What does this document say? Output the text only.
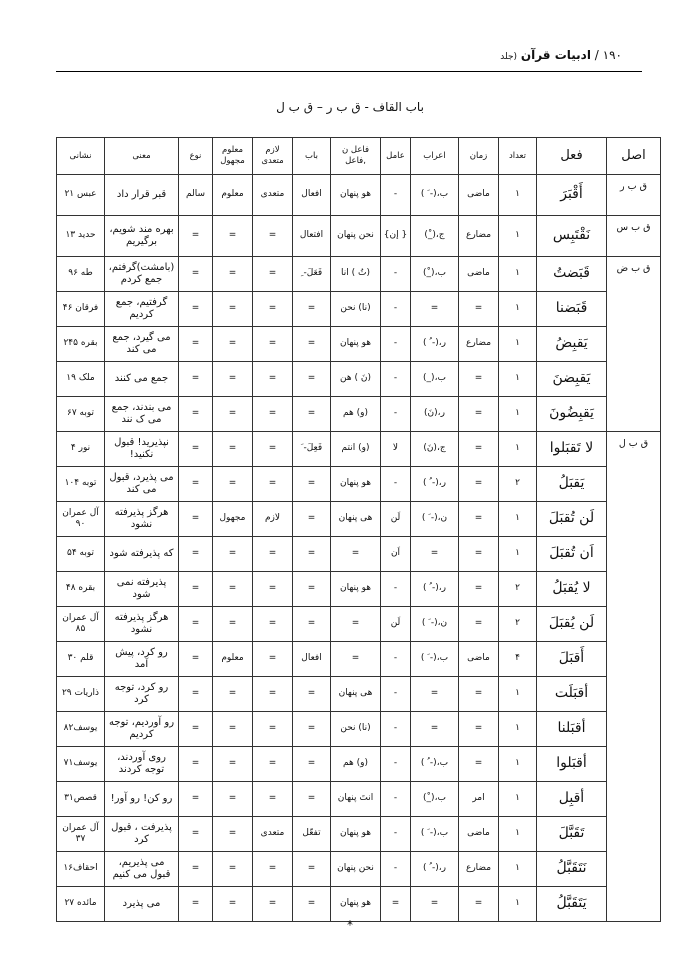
۱۹۰ / ادبیات قرآن (جلد
باب القاف - ق ب ر – ق ب ل
اصل	فعل	تعداد	زمان	اعراب	عامل	فاعل ن ,فاعل	باب	لازم متعدی	معلوم مجهول	نوع	معنی	نشانی
ق ب ر	أَقْبَرَ	۱	ماضی	ب،(- َ )	-	هو پنهان	افعال	متعدی	معلوم	سالم	قبر قرار داد	عبس ۲۱
ق ب س	نَقْتَبِس	۱	مضارع	ج،(_ْ)	{ إن}	نحن پنهان	افتعال	=	=	=	بهره مند شویم، برگیریم	حدید ۱۳
ق ب ض	قَبَضتُ	۱	ماضی	ب،(_ْ)	-	(تُ ) انا	فَعَلَ- ِ	=	=	=	(بامشت)گرفتم، جمع کردم	طه ۹۶
	قَبَضنا	۱	=	=	-	(نا) نحن	=	=	=	=	گرفتیم، جمع کردیم	فرقان ۴۶
	يَقبِضُ	۱	مضارع	ر،(- ُ )	-	هو پنهان	=	=	=	=	می گیرد، جمع می کند	بقره ۲۴۵
	يَقبِضنَ	۱	=	ب،(_)	-	(نَ ) هن	=	=	=	=	جمع می کنند	ملک ۱۹
	يَقبِضُونَ	۱	=	ر،(نَ)	-	(و) هم	=	=	=	=	می بندند، جمع می ک نند	توبه ۶۷
ق ب ل	لا تَقبَلوا	۱	=	ج،(نَ)	لا	(و) انتم	فَعِلَ- َ	=	=	=	نپذیرید! قبول نکنید!	نور ۴
	يَقبَلُ	۲	=	ر،(- ُ )	-	هو پنهان	=	=	=	=	می پذیرد، قبول می کند	توبه ۱۰۴
	لَن تُقبَلَ	۱	=	ن،(- َ )	لَن	هی پنهان	=	لازم	مجهول	=	هرگز پذیرفته نشود	آل عمران ۹۰
	اَن تُقبَلَ	۱	=	=	اَن	=	=	=	=	=	که پذیرفته شود	توبه ۵۴
	لا يُقبَلُ	۲	=	ر،(- ُ )	-	هو پنهان	=	=	=	=	پذیرفته نمی شود	بقره ۴۸
	لَن يُقبَلَ	۲	=	ن،(- َ )	لَن	=	=	=	=	=	هرگز پذیرفته نشود	آل عمران ۸۵
	أَقبَلَ	۴	ماضی	ب،(- َ )	-	=	افعال	=	معلوم	=	رو کرد، پیش آمد	قلم ۳۰
	أقبَلَت	۱	=	=	-	هی پنهان	=	=	=	=	رو کرد، توجه کرد	ذاریات ۲۹
	أقبَلنا	۱	=	=	-	(نا) نحن	=	=	=	=	رو آوردیم، توجه کردیم	یوسف۸۲
	أقبَلوا	۱	=	ب،(- ُ )	-	(و) هم	=	=	=	=	روی آوردند، توجه کردند	یوسف۷۱
	أقبِل	۱	امر	ب،(_ْ)	-	انتَ پنهان	=	=	=	=	رو کن! رو آور!	قصص۳۱
	تَقَبَّلَ	۱	ماضی	ب،(- َ )	-	هو پنهان	تفعّل	متعدی	=	=	پذیرفت ، قبول کرد	آل عمران ۳۷
	نَتَقَبَّلُ	۱	مضارع	ر،(- ُ )	-	نحن پنهان	=	=	=	=	می پذیریم، قبول می کنیم	احقاف۱۶
	يَتَقَبَّلُ	۱	=	=	=	هو پنهان	=	=	=	=	می پذیرد	مائده ۲۷
*
